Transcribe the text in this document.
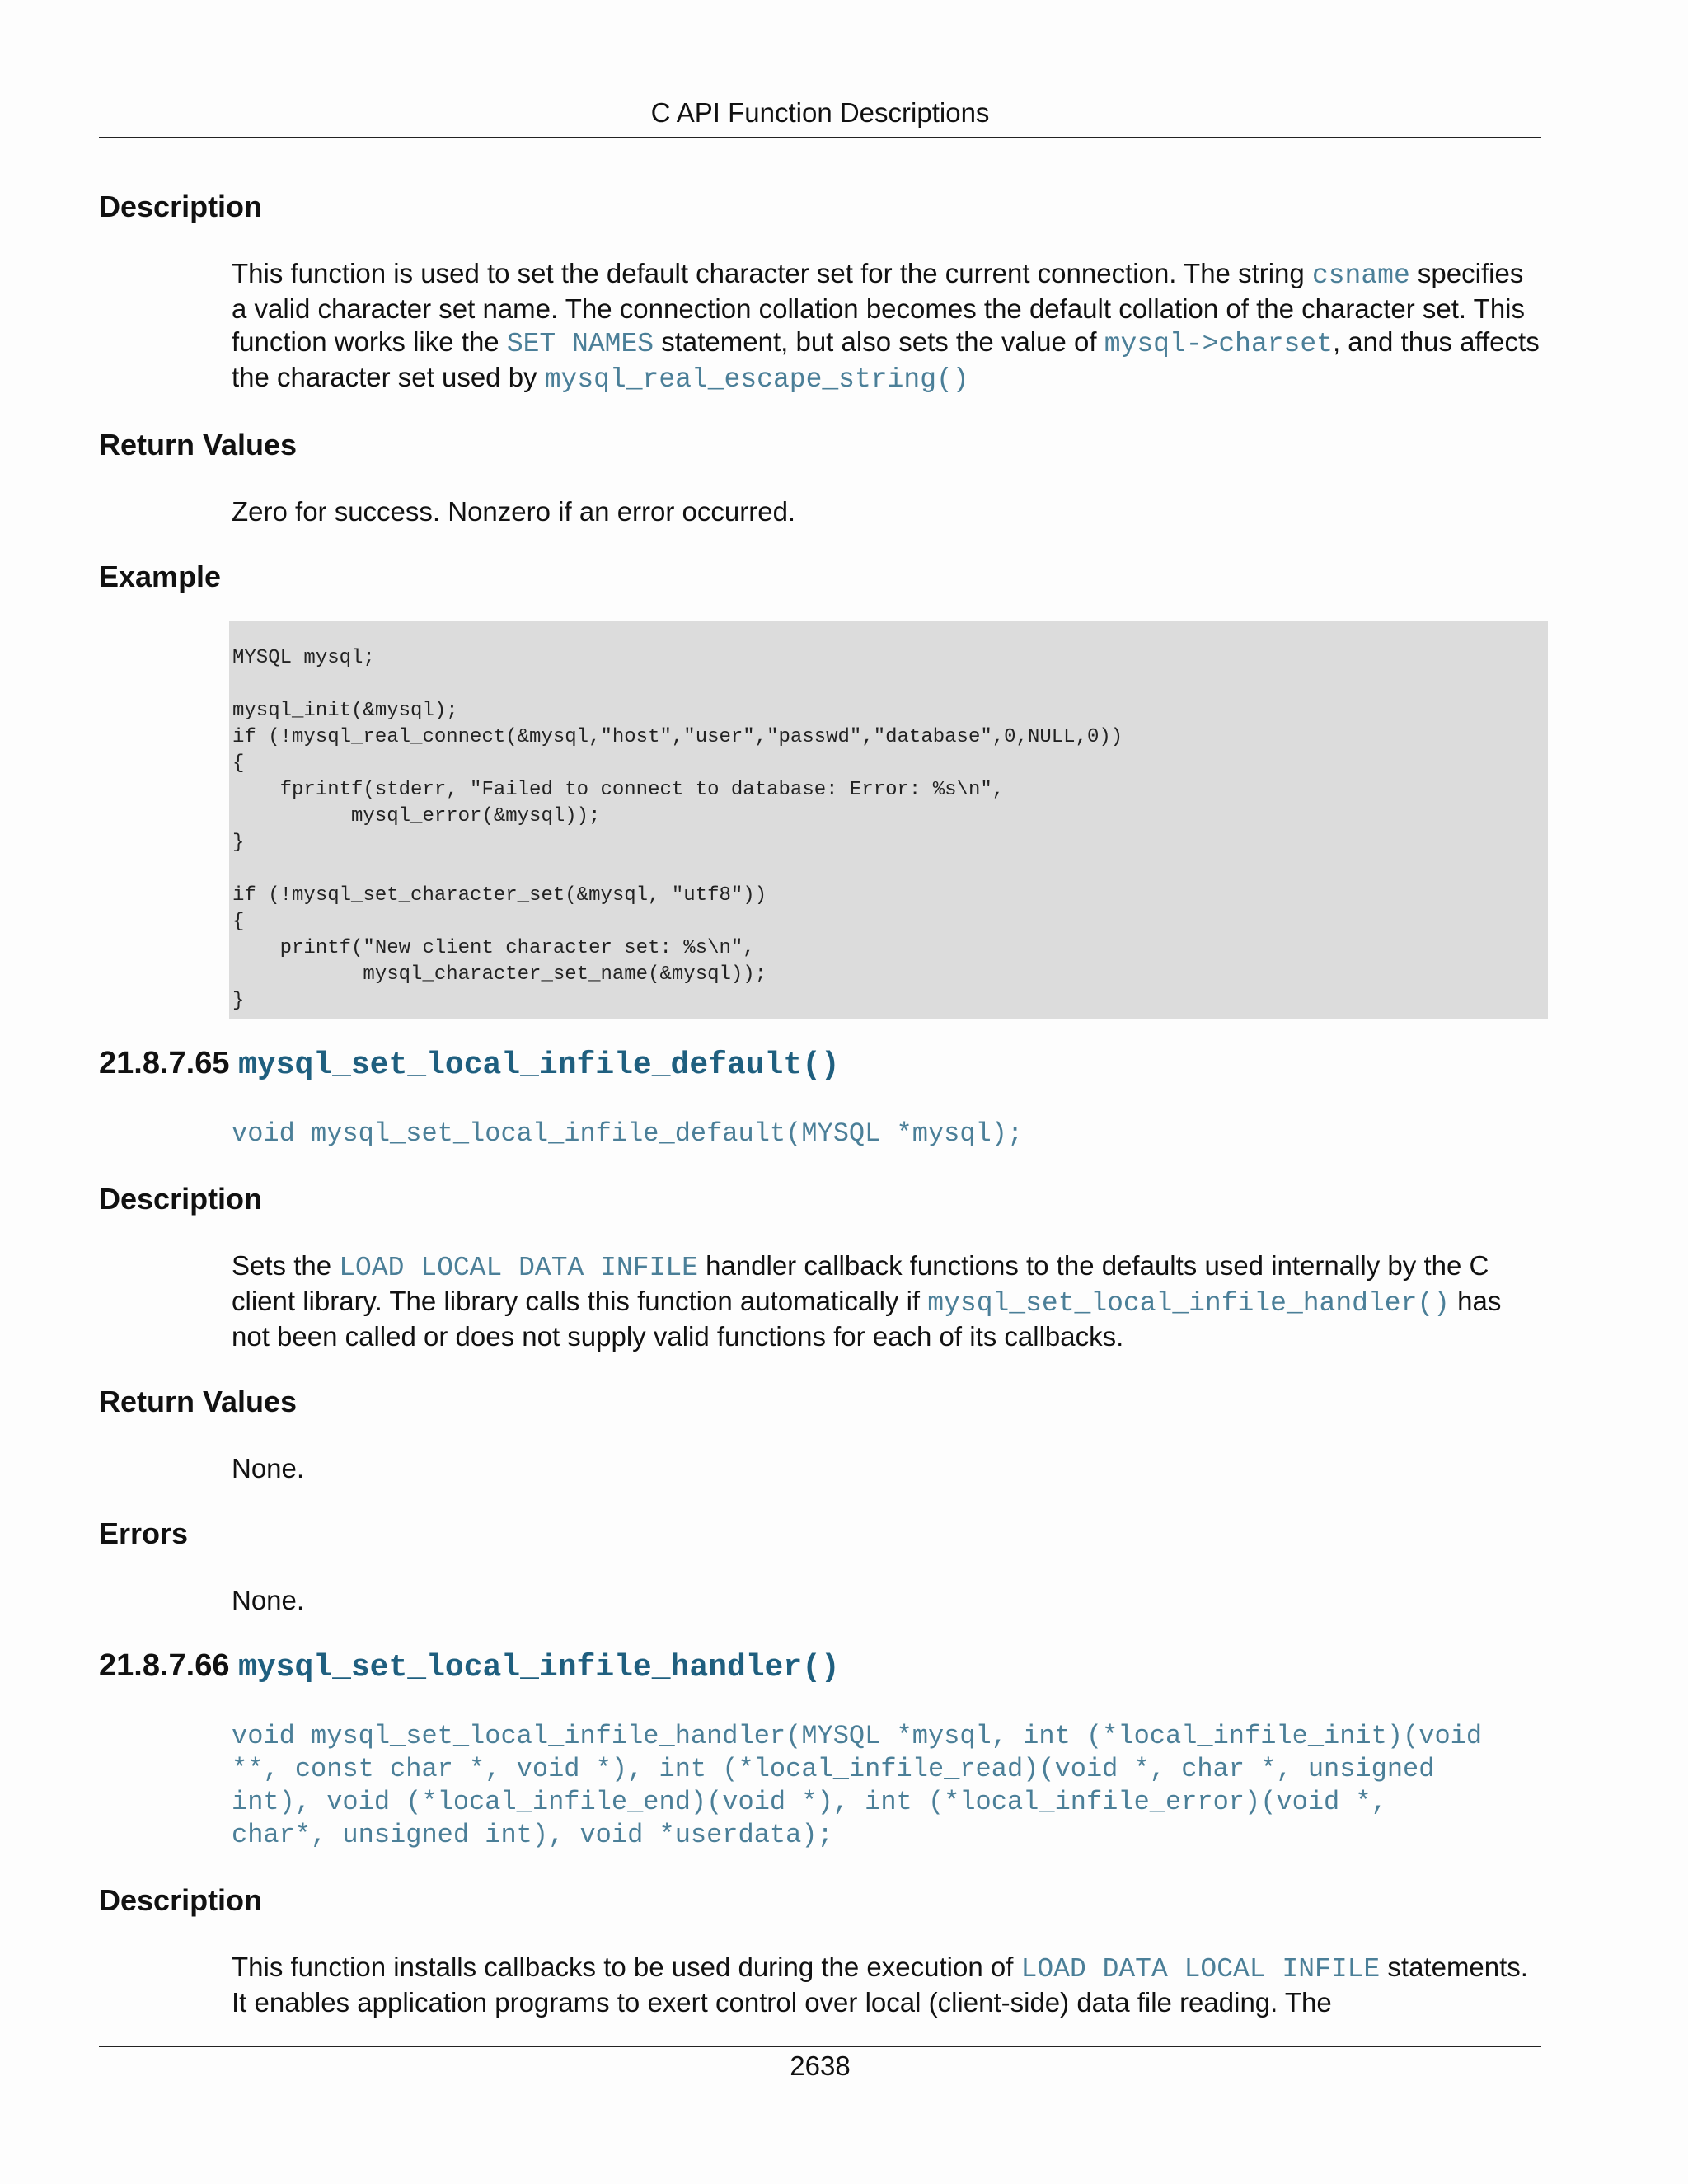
C API Function Descriptions
Description
This function is used to set the default character set for the current connection. The string csname specifies a valid character set name. The connection collation becomes the default collation of the character set. This function works like the SET NAMES statement, but also sets the value of mysql->charset, and thus affects the character set used by mysql_real_escape_string()
Return Values
Zero for success. Nonzero if an error occurred.
Example
MYSQL mysql;

mysql_init(&mysql);
if (!mysql_real_connect(&mysql,"host","user","passwd","database",0,NULL,0))
{
fprintf(stderr, "Failed to connect to database: Error: %s\n",
mysql_error(&mysql));
}

if (!mysql_set_character_set(&mysql, "utf8"))
{
printf("New client character set: %s\n",
mysql_character_set_name(&mysql));
}
21.8.7.65 mysql_set_local_infile_default()
void mysql_set_local_infile_default(MYSQL *mysql);
Description
Sets the LOAD LOCAL DATA INFILE handler callback functions to the defaults used internally by the C client library. The library calls this function automatically if mysql_set_local_infile_handler() has not been called or does not supply valid functions for each of its callbacks.
Return Values
None.
Errors
None.
21.8.7.66 mysql_set_local_infile_handler()
void mysql_set_local_infile_handler(MYSQL *mysql, int (*local_infile_init)(void
**, const char *, void *), int (*local_infile_read)(void *, char *, unsigned
int), void (*local_infile_end)(void *), int (*local_infile_error)(void *,
char*, unsigned int), void *userdata);
Description
This function installs callbacks to be used during the execution of LOAD DATA LOCAL INFILE statements. It enables application programs to exert control over local (client-side) data file reading. The
2638
